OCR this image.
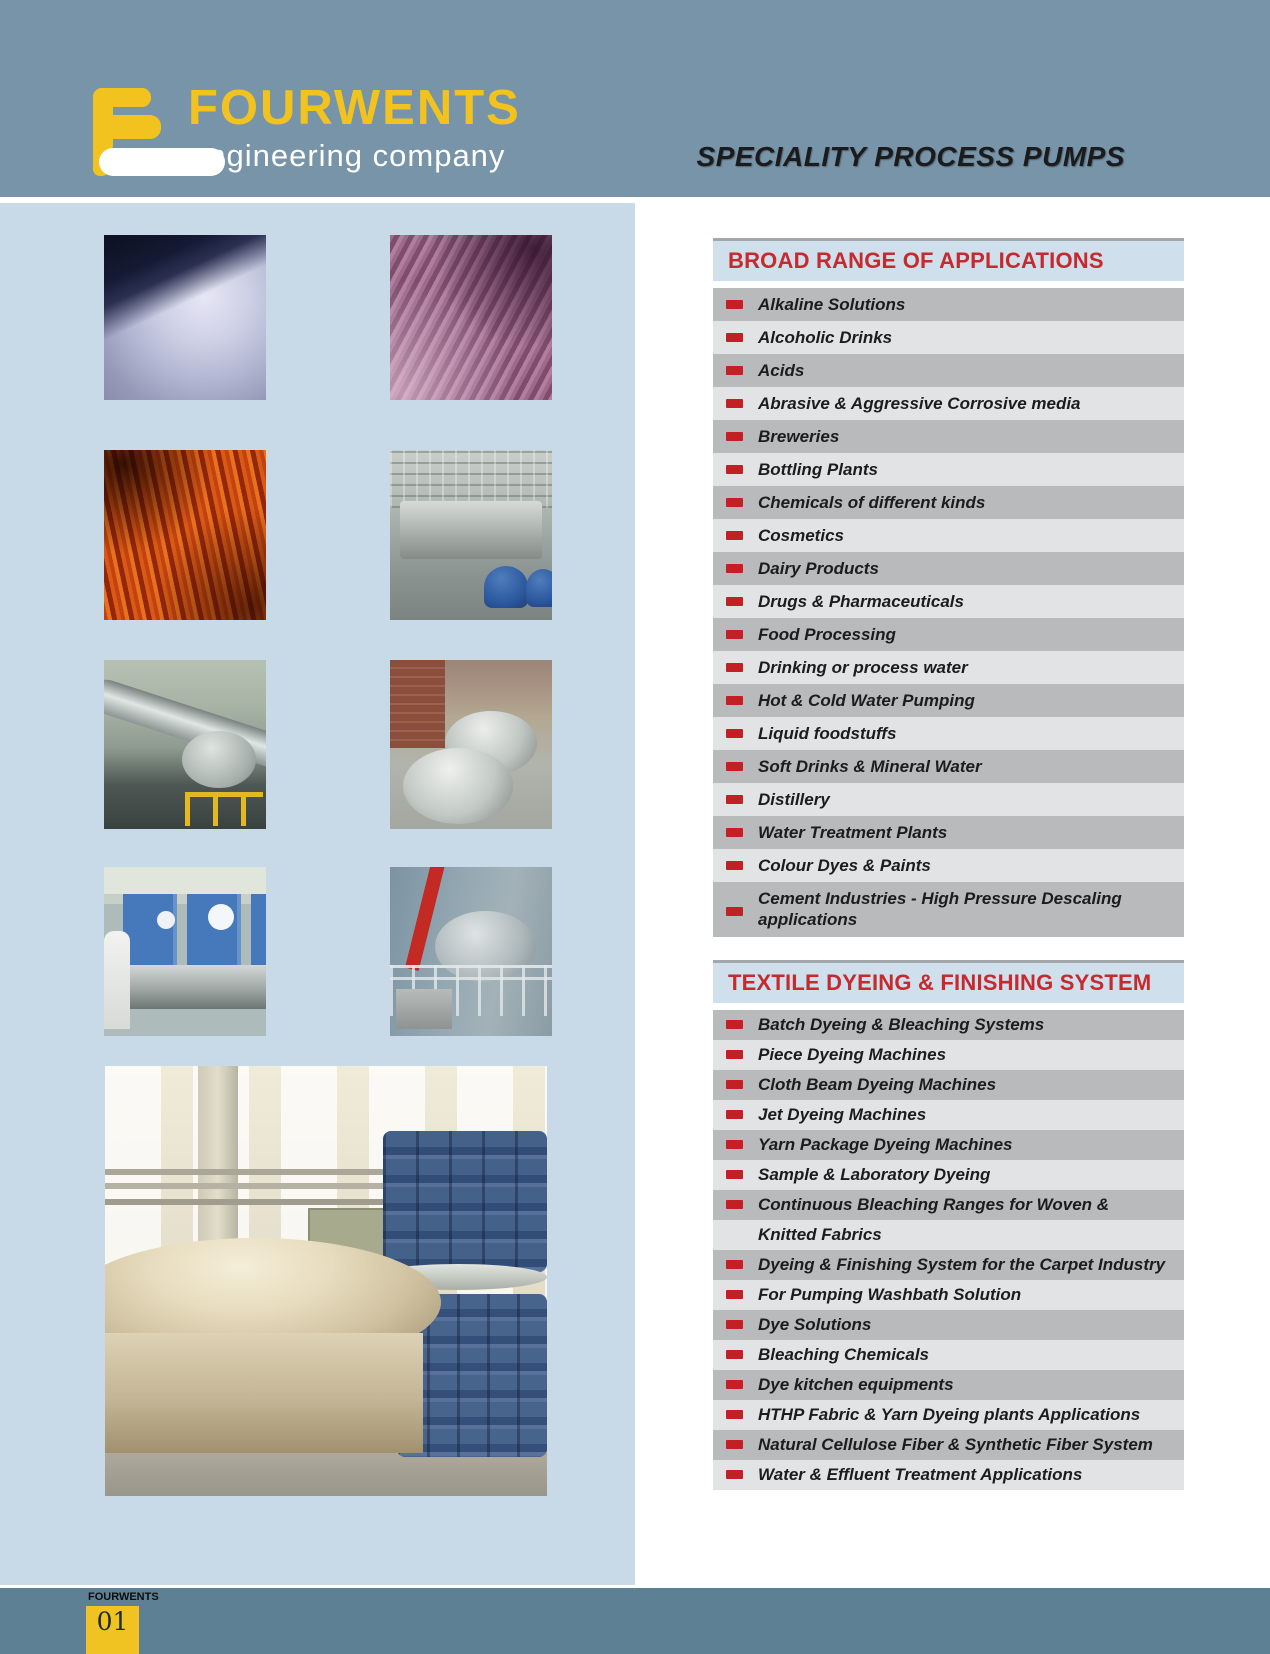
FOURWENTS
engineering company	SPECIALITY PROCESS PUMPS
BROAD RANGE OF APPLICATIONS
Alkaline Solutions
Alcoholic Drinks
Acids
Abrasive & Aggressive Corrosive media
Breweries
Bottling Plants
Chemicals of different kinds
Cosmetics
Dairy Products
Drugs & Pharmaceuticals
Food Processing
Drinking or process water
Hot & Cold Water Pumping
Liquid foodstuffs
Soft Drinks & Mineral Water
Distillery
Water Treatment Plants
Colour Dyes & Paints
Cement Industries - High Pressure Descaling applications
TEXTILE DYEING & FINISHING SYSTEM
Batch Dyeing & Bleaching Systems
Piece Dyeing Machines
Cloth Beam Dyeing Machines
Jet Dyeing Machines
Yarn Package Dyeing Machines
Sample & Laboratory Dyeing
Continuous Bleaching Ranges for Woven &
Knitted Fabrics
Dyeing & Finishing System for the Carpet Industry
For Pumping Washbath Solution
Dye Solutions
Bleaching Chemicals
Dye kitchen equipments
HTHP Fabric & Yarn Dyeing plants Applications
Natural Cellulose Fiber & Synthetic Fiber System
Water & Effluent Treatment Applications
FOURWENTS
01
